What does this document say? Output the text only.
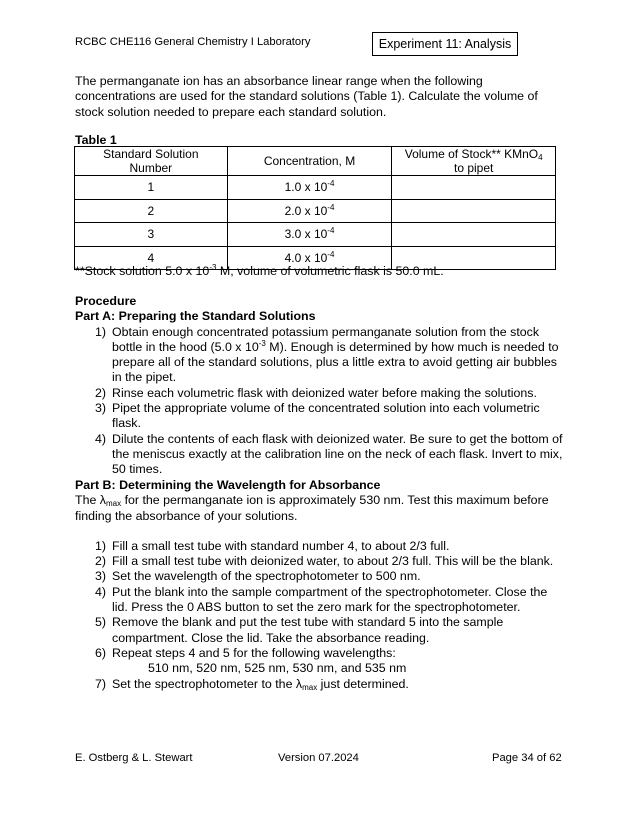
RCBC CHE116 General Chemistry I Laboratory	Experiment 11: Analysis
The permanganate ion has an absorbance linear range when the following concentrations are used for the standard solutions (Table 1). Calculate the volume of stock solution needed to prepare each standard solution.
Table 1
Standard Solution
Number	Concentration, M	Volume of Stock** KMnO$_4$
to pipet
1	1.0 x $10^{-4}$	
2	2.0 x $10^{-4}$	
3	3.0 x $10^{-4}$	
4	4.0 x $10^{-4}$	
**Stock solution 5.0 x $10^{-3}$ M, volume of volumetric flask is 50.0 mL.
Procedure
Part A: Preparing the Standard Solutions
1) Obtain enough concentrated potassium permanganate solution from the stock bottle in the hood (5.0 x $10^{-3}$ M). Enough is determined by how much is needed to prepare all of the standard solutions, plus a little extra to avoid getting air bubbles in the pipet.
2) Rinse each volumetric flask with deionized water before making the solutions.
3) Pipet the appropriate volume of the concentrated solution into each volumetric flask.
4) Dilute the contents of each flask with deionized water. Be sure to get the bottom of the meniscus exactly at the calibration line on the neck of each flask. Invert to mix, 50 times.
Part B: Determining the Wavelength for Absorbance
The $\lambda_{max}$ for the permanganate ion is approximately 530 nm. Test this maximum before finding the absorbance of your solutions.
1) Fill a small test tube with standard number 4, to about 2/3 full.
2) Fill a small test tube with deionized water, to about 2/3 full. This will be the blank.
3) Set the wavelength of the spectrophotometer to 500 nm.
4) Put the blank into the sample compartment of the spectrophotometer. Close the lid. Press the 0 ABS button to set the zero mark for the spectrophotometer.
5) Remove the blank and put the test tube with standard 5 into the sample compartment. Close the lid. Take the absorbance reading.
6) Repeat steps 4 and 5 for the following wavelengths:
510 nm, 520 nm, 525 nm, 530 nm, and 535 nm
7) Set the spectrophotometer to the $\lambda_{max}$ just determined.
E. Ostberg & L. Stewart	Version 07.2024	Page 34 of 62
